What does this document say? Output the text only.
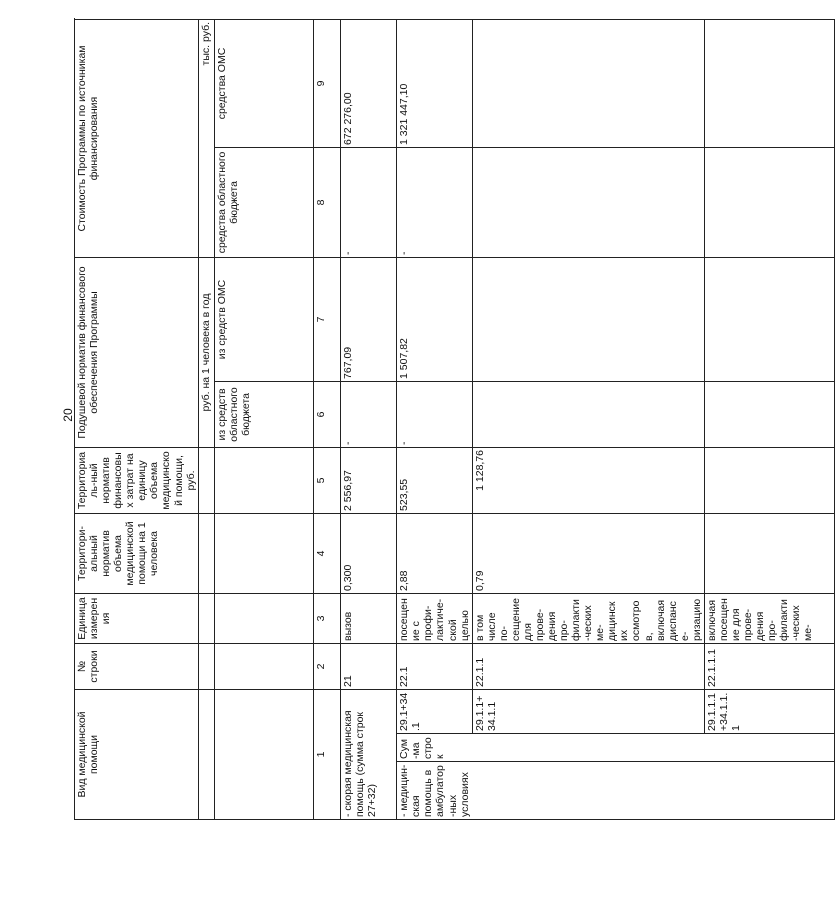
20
Вид медицинской помощи			№ строки	Единица измерения	Территори-альный норматив объема медицинской помощи на 1 человека	Территориаль-ный норматив финансовых затрат на единицу объема медицинской помощи, руб.	Подушевой норматив финансового обеспечения Программы		Стоимость Программы по источникам финансирования		
							руб. на 1 человека в год		тыс. руб.		
							из средств областного бюджета	из средств ОМС	средства областного бюджета	средства ОМС	
1			2	3	4	5	6	7	8	9	
- скорая медицинская помощь (сумма строк 27+32)			21	вызов	0,300	2 556,97	-	767,09	-	672 276,00	
- медицин-ская помощь в амбулатор-ных условиях	Сум-ма строк	29.1+34.1	22.1	посещение с профи-лактиче-ской целью	2,88	523,55	-	1 507,82	-	1 321 447,10	
		29.1.1+34.1.1	22.1.1	в том числе по-сещение для прове-дения про-филакти-ческих ме-дицинских осмотров, включая диспансе-ризацию	0,79	1 128,76					
		29.1.1.1+34.1.1.1	22.1.1.1	включая посещение для прове-дения про-филакти-ческих ме-							
